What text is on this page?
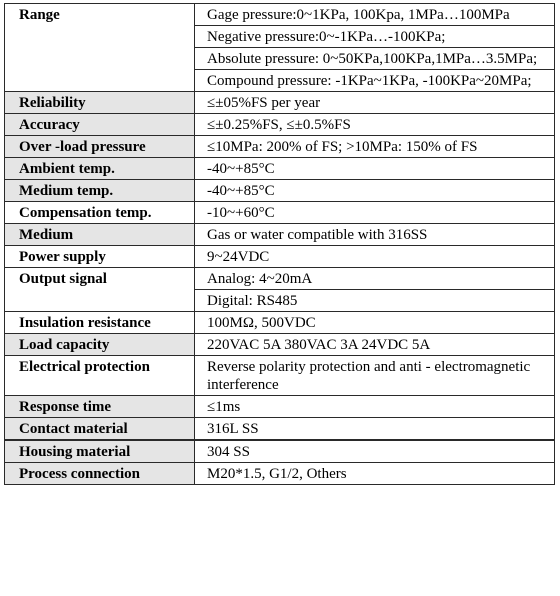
Range	Gage pressure:0~1KPa, 100Kpa, 1MPa…100MPa
	Negative pressure:0~-1KPa…-100KPa;
	Absolute pressure: 0~50KPa,100KPa,1MPa…3.5MPa;
	Compound pressure: -1KPa~1KPa, -100KPa~20MPa;
Reliability	≤±05%FS per year
Accuracy	≤±0.25%FS, ≤±0.5%FS
Over -load pressure	≤10MPa: 200% of FS; >10MPa: 150% of FS
Ambient temp.	-40~+85°C
Medium temp.	-40~+85°C
Compensation temp.	-10~+60°C
Medium	Gas or water compatible with 316SS
Power supply	9~24VDC
Output signal	Analog: 4~20mA
	Digital: RS485
Insulation resistance	100MΩ, 500VDC
Load capacity	220VAC 5A 380VAC 3A 24VDC 5A
Electrical protection	Reverse polarity protection and anti - electromagnetic interference
Response time	≤1ms
Contact material	316L SS
Housing material	304 SS
Process connection	M20*1.5, G1/2, Others
